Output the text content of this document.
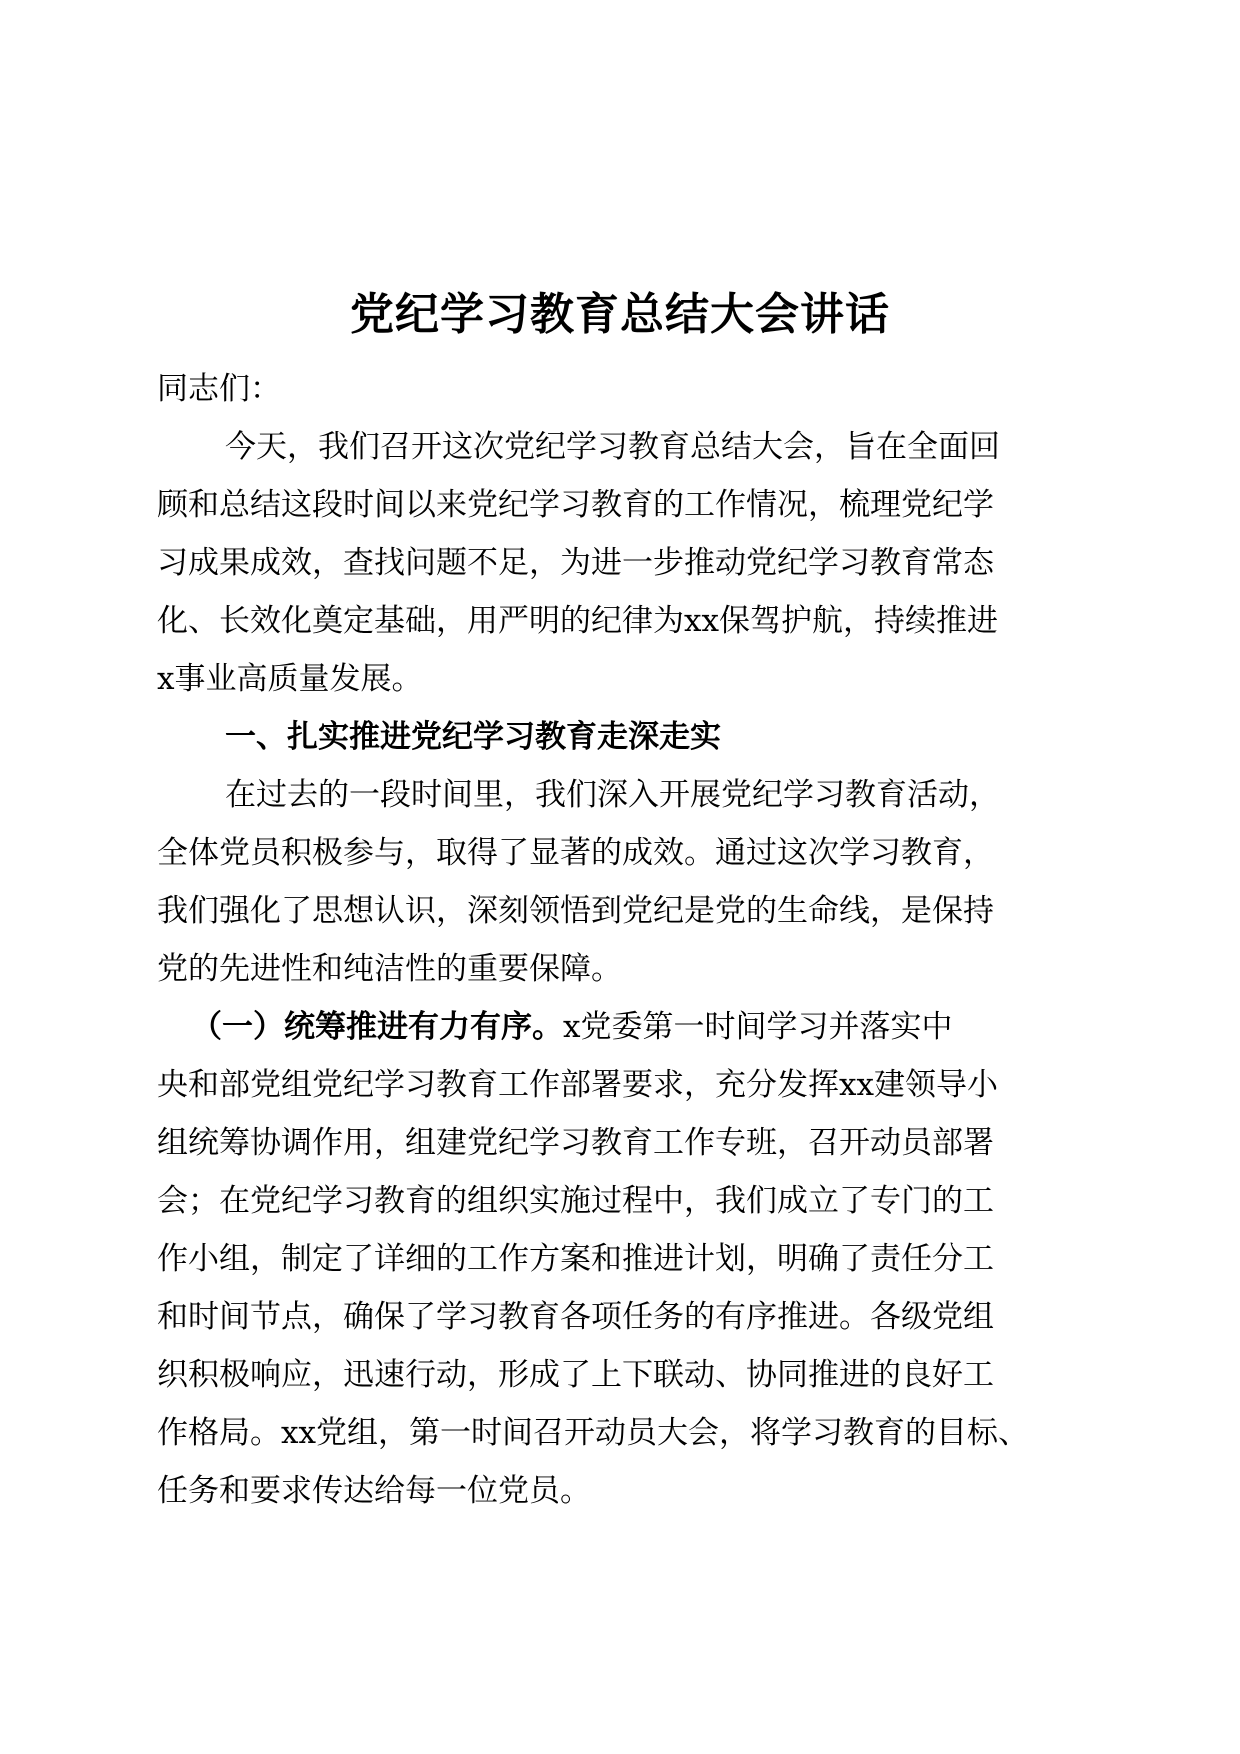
党纪学习教育总结大会讲话
同志们：
今天，我们召开这次党纪学习教育总结大会，旨在全面回
顾和总结这段时间以来党纪学习教育的工作情况，梳理党纪学
习成果成效，查找问题不足，为进一步推动党纪学习教育常态
化、长效化奠定基础，用严明的纪律为xx保驾护航，持续推进
x事业高质量发展。
一、扎实推进党纪学习教育走深走实
在过去的一段时间里，我们深入开展党纪学习教育活动，
全体党员积极参与，取得了显著的成效。通过这次学习教育，
我们强化了思想认识，深刻领悟到党纪是党的生命线，是保持
党的先进性和纯洁性的重要保障。
（一）统筹推进有力有序。x党委第一时间学习并落实中
央和部党组党纪学习教育工作部署要求，充分发挥xx建领导小
组统筹协调作用，组建党纪学习教育工作专班，召开动员部署
会；在党纪学习教育的组织实施过程中，我们成立了专门的工
作小组，制定了详细的工作方案和推进计划，明确了责任分工
和时间节点，确保了学习教育各项任务的有序推进。各级党组
织积极响应，迅速行动，形成了上下联动、协同推进的良好工
作格局。xx党组，第一时间召开动员大会，将学习教育的目标、
任务和要求传达给每一位党员。
